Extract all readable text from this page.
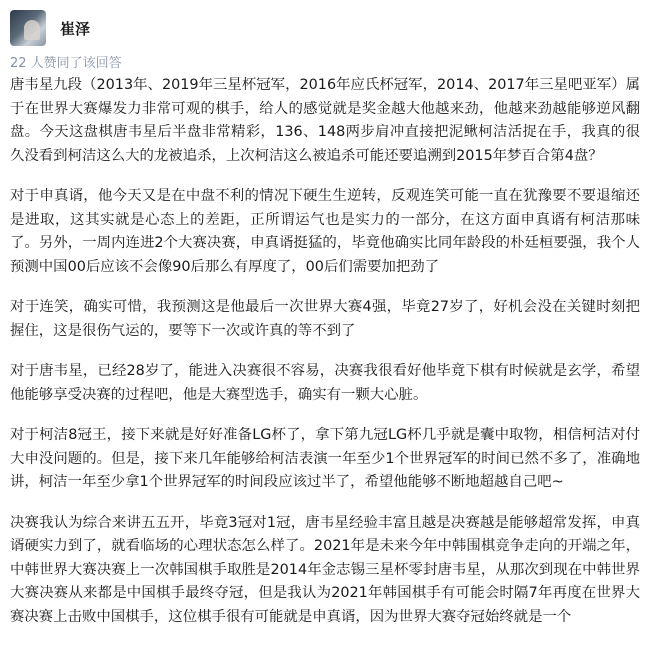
崔泽
22 人赞同了该回答

唐韦星九段（2013年、2019年三星杯冠军，2016年应氏杯冠军，2014、2017年三星吧亚军）属于在世界大赛爆发力非常可观的棋手，给人的感觉就是奖金越大他越来劲，他越来劲越能够逆风翻盘。今天这盘棋唐韦星后半盘非常精彩，136、148两步肩冲直接把泥鳅柯洁活捉在手，我真的很久没看到柯洁这么大的龙被追杀，上次柯洁这么被追杀可能还要追溯到2015年梦百合第4盘？

对于申真谞，他今天又是在中盘不利的情况下硬生生逆转，反观连笑可能一直在犹豫要不要退缩还是进取，这其实就是心态上的差距，正所谓运气也是实力的一部分，在这方面申真谞有柯洁那味了。另外，一周内连进2个大赛决赛，申真谞挺猛的，毕竟他确实比同年龄段的朴廷桓要强，我个人预测中国00后应该不会像90后那么有厚度了，00后们需要加把劲了

对于连笑，确实可惜，我预测这是他最后一次世界大赛4强，毕竟27岁了，好机会没在关键时刻把握住，这是很伤气运的，要等下一次或许真的等不到了

对于唐韦星，已经28岁了，能进入决赛很不容易，决赛我很看好他毕竟下棋有时候就是玄学，希望他能够享受决赛的过程吧，他是大赛型选手，确实有一颗大心脏。

对于柯洁8冠王，接下来就是好好准备LG杯了，拿下第九冠LG杯几乎就是囊中取物，相信柯洁对付大申没问题的。但是，接下来几年能够给柯洁表演一年至少1个世界冠军的时间已然不多了，准确地讲，柯洁一年至少拿1个世界冠军的时间段应该过半了，希望他能够不断地超越自己吧~

决赛我认为综合来讲五五开，毕竟3冠对1冠，唐韦星经验丰富且越是决赛越是能够超常发挥，申真谞硬实力到了，就看临场的心理状态怎么样了。2021年是未来今年中韩围棋竞争走向的开端之年，中韩世界大赛决赛上一次韩国棋手取胜是2014年金志锡三星杯零封唐韦星，从那次到现在中韩世界大赛决赛从来都是中国棋手最终夺冠，但是我认为2021年韩国棋手有可能会时隔7年再度在世界大赛决赛上击败中国棋手，这位棋手很有可能就是申真谞，因为世界大赛夺冠始终就是一个
